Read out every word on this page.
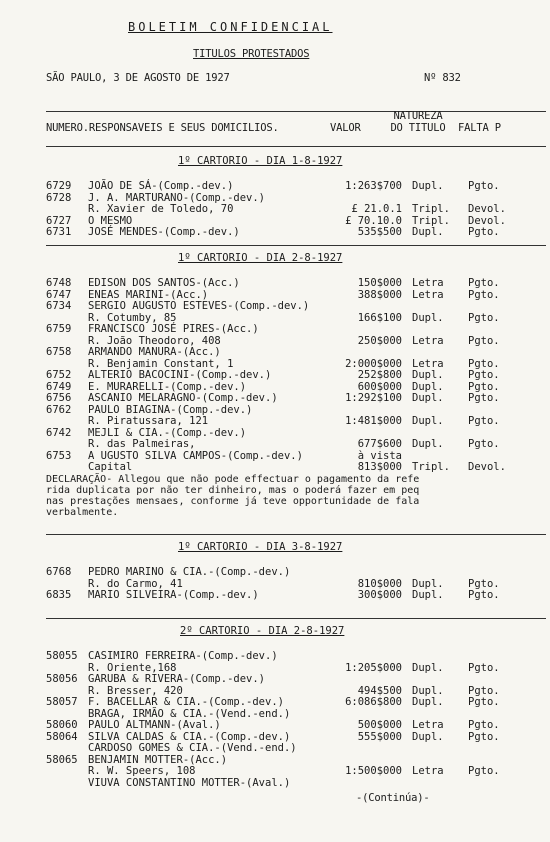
BOLETIM CONFIDENCIAL
TITULOS PROTESTADOS
SÃO PAULO, 3 DE AGOSTO DE 1927	Nº 832
NUMERO.RESPONSAVEIS E SEUS DOMICILIOS.	VALOR
NATUREZA DO TITULO FALTA P
1º CARTORIO - DIA 1-8-1927
6729 JOÃO DE SÁ-(Comp.-dev.)	1:263$700 Dupl. Pgto.
6728 J. A. MARTURANO-(Comp.-dev.)
R. Xavier de Toledo, 70	£ 21.0.1 Tripl. Devol.
6727 O MESMO	£ 70.10.0 Tripl. Devol.
6731 JOSÉ MENDES-(Comp.-dev.)	535$500 Dupl. Pgto.
1º CARTORIO - DIA 2-8-1927
6748 EDISON DOS SANTOS-(Acc.)	150$000 Letra Pgto.
6747 ENEAS MARINI-(Acc.)	388$000 Letra Pgto.
6734 SERGIO AUGUSTO ESTEVES-(Comp.-dev.)
R. Cotumby, 85	166$100 Dupl. Pgto.
6759 FRANCISCO JOSÉ PIRES-(Acc.)
R. João Theodoro, 408	250$000 Letra Pgto.
6758 ARMANDO MANURA-(Acc.)
R. Benjamin Constant, 1	2:000$000 Letra Pgto.
6752 ALTERIO BACOCINI-(Comp.-dev.)	252$800 Dupl. Pgto.
6749 E. MURARELLI-(Comp.-dev.)	600$000 Dupl. Pgto.
6756 ASCANIO MELARAGNO-(Comp.-dev.)	1:292$100 Dupl. Pgto.
6762 PAULO BIAGINA-(Comp.-dev.)
R. Piratussara, 121	1:481$000 Dupl. Pgto.
6742 MEJLI & CIA.-(Comp.-dev.)
R. das Palmeiras,	677$600 Dupl. Pgto.
6753 A UGUSTO SILVA CAMPOS-(Comp.-dev.)	à vista
Capital	813$000 Tripl. Devol.
DECLARAÇÃO- Allegou que não pode effectuar o pagamento da refe
rida duplicata por não ter dinheiro, mas o poderá fazer em peq
nas prestações mensaes, conforme já teve opportunidade de fala
verbalmente.
1º CARTORIO - DIA 3-8-1927
6768 PEDRO MARINO & CIA.-(Comp.-dev.)
R. do Carmo, 41	810$000 Dupl. Pgto.
6835 MARIO SILVEIRA-(Comp.-dev.)	300$000 Dupl. Pgto.
2º CARTORIO - DIA 2-8-1927
58055 CASIMIRO FERREIRA-(Comp.-dev.)
R. Oriente,168	1:205$000 Dupl. Pgto.
58056 GARUBA & RIVERA-(Comp.-dev.)
R. Bresser, 420	494$500 Dupl. Pgto.
58057 F. BACELLAR & CIA.-(Comp.-dev.)	6:086$800 Dupl. Pgto.
BRAGA, IRMÃO & CIA.-(Vend.-end.)
58060 PAULO ALTMANN-(Aval.)	500$000 Letra Pgto.
58064 SILVA CALDAS & CIA.-(Comp.-dev.)	555$000 Dupl. Pgto.
CARDOSO GOMES & CIA.-(Vend.-end.)
58065 BENJAMIN MOTTER-(Acc.)
R. W. Speers, 108	1:500$000 Letra Pgto.
VIUVA CONSTANTINO MOTTER-(Aval.)
-(Continúa)-
